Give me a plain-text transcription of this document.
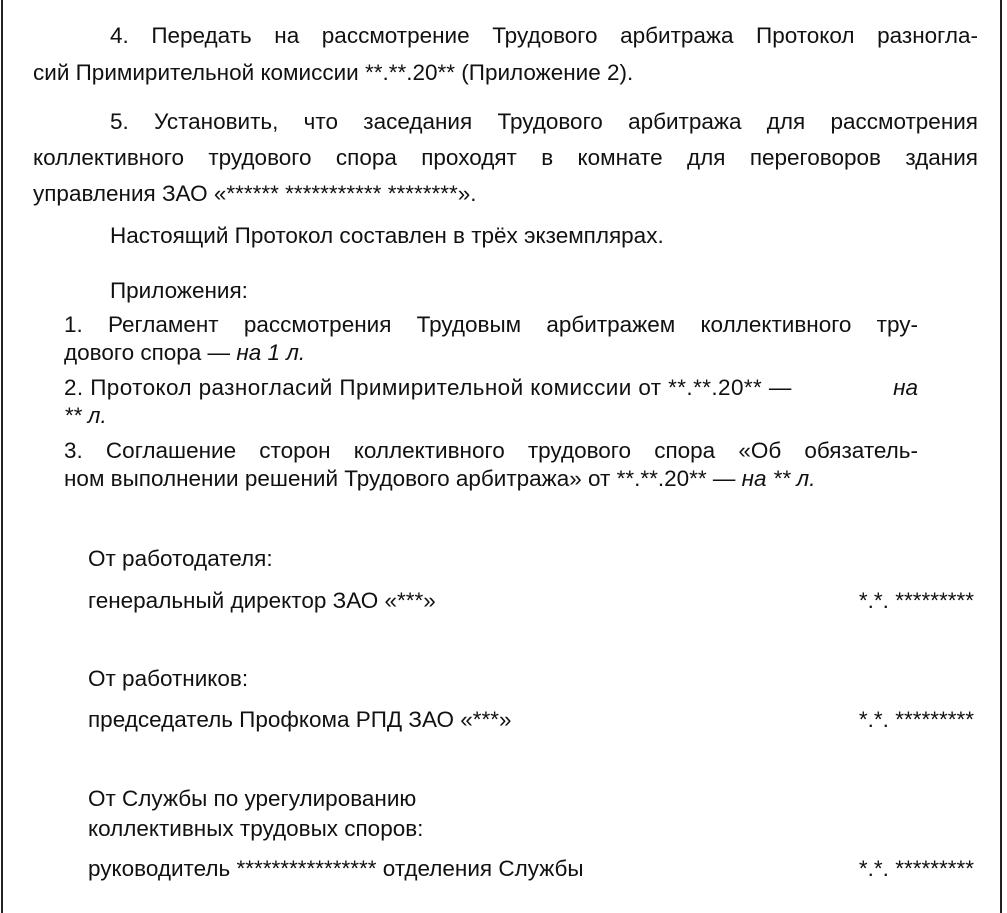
4. Передать на рассмотрение Трудового арбитража Протокол разногла-
сий Примирительной комиссии **.**.20** (Приложение 2).
5. Установить, что заседания Трудового арбитража для рассмотрения
коллективного трудового спора проходят в комнате для переговоров здания
управления ЗАО «****** *********** ********».
Настоящий Протокол составлен в трёх экземплярах.
Приложения:
1. Регламент рассмотрения Трудовым арбитражем коллективного тру-
дового спора — на 1 л.
2. Протокол разногласий Примирительной комиссии от **.**.20** —	на
** л.
3. Соглашение сторон коллективного трудового спора «Об обязатель-
ном выполнении решений Трудового арбитража» от **.**.20** — на ** л.
От работодателя:
генеральный директор ЗАО «***»	*.*. *********
От работников:
председатель Профкома РПД ЗАО «***»	*.*. *********
От Службы по урегулированию
коллективных трудовых споров:
руководитель **************** отделения Службы	*.*. *********
